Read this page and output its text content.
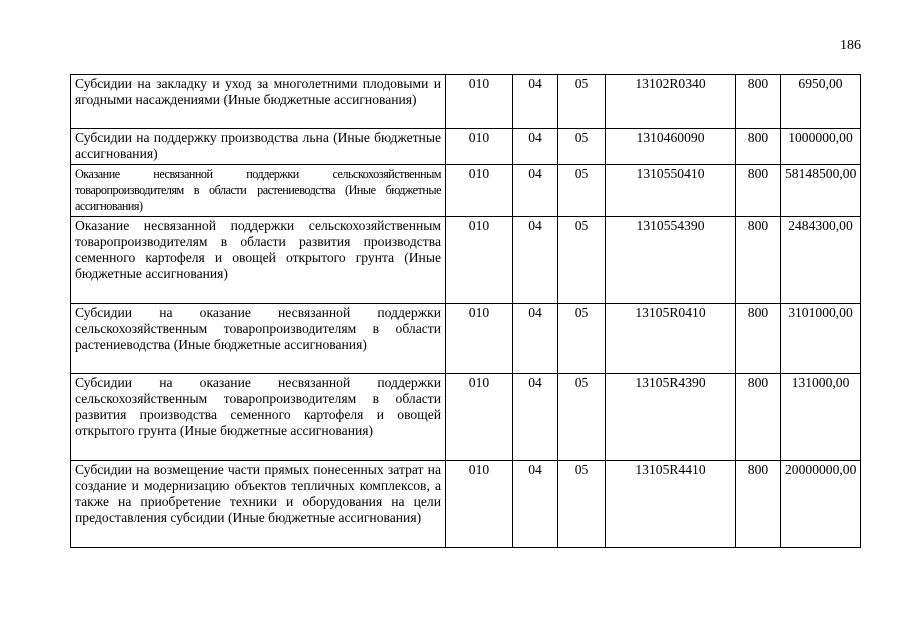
186
Субсидии на закладку и уход за многолетними плодовыми и ягодными насаждениями (Иные бюджетные ассигнования)	010	04	05	13102R0340	800	6950,00
Субсидии на поддержку производства льна (Иные бюджетные ассигнования)	010	04	05	1310460090	800	1000000,00
Оказание несвязанной поддержки сельскохозяйственным товаропроизводителям в области растениеводства (Иные бюджетные ассигнования)	010	04	05	1310550410	800	58148500,00
Оказание несвязанной поддержки сельскохозяйственным товаропроизводителям в области развития производства семенного картофеля и овощей открытого грунта (Иные бюджетные ассигнования)	010	04	05	1310554390	800	2484300,00
Субсидии на оказание несвязанной поддержки сельскохозяйственным товаропроизводителям в области растениеводства (Иные бюджетные ассигнования)	010	04	05	13105R0410	800	3101000,00
Субсидии на оказание несвязанной поддержки сельскохозяйственным товаропроизводителям в области развития производства семенного картофеля и овощей открытого грунта (Иные бюджетные ассигнования)	010	04	05	13105R4390	800	131000,00
Субсидии на возмещение части прямых понесенных затрат на создание и модернизацию объектов тепличных комплексов, а также на приобретение техники и оборудования на цели предоставления субсидии (Иные бюджетные ассигнования)	010	04	05	13105R4410	800	20000000,00
